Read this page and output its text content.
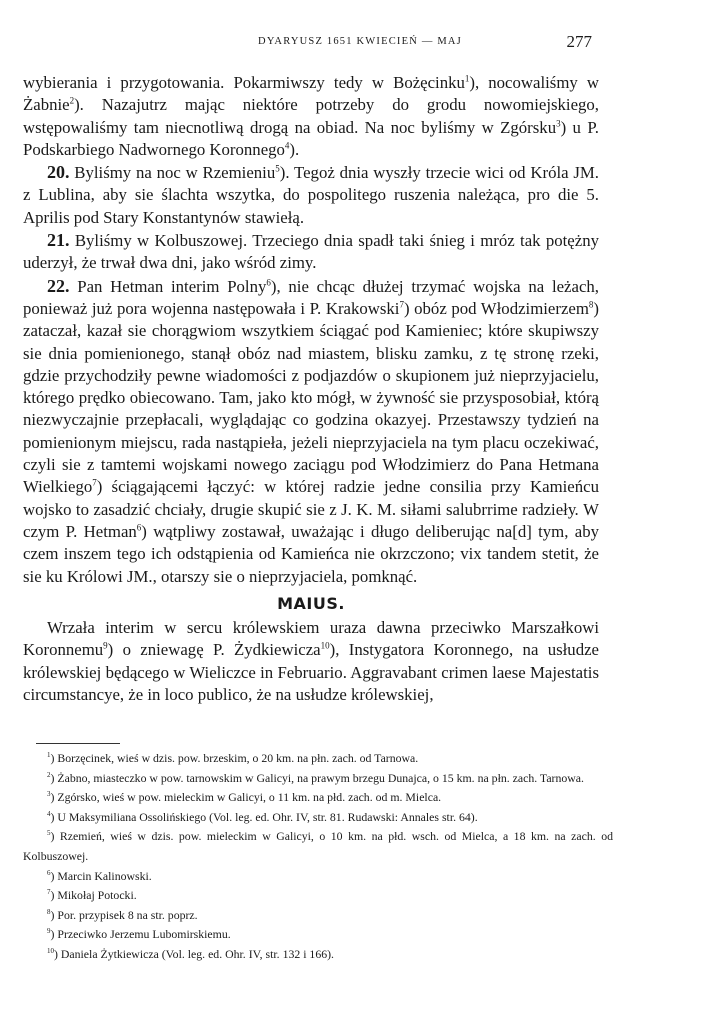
DYARYUSZ 1651 KWIECIEŃ — MAJ	277

wybierania i przygotowania. Pokarmiwszy tedy w Bożęcinku$^1$), nocowaliśmy w Żabnie$^2$). Nazajutrz mając niektóre potrzeby do grodu nowomiejskiego, wstępowaliśmy tam niecnotliwą drogą na obiad. Na noc byliśmy w Zgórsku$^3$) u P. Podskarbiego Nadwornego Koronnego$^4$).

20. Byliśmy na noc w Rzemieniu$^5$). Tegoż dnia wyszły trzecie wici od Króla JM. z Lublina, aby sie ślachta wszytka, do pospolitego ruszenia należąca, pro die 5. Aprilis pod Stary Konstantynów stawiełą.

21. Byliśmy w Kolbuszowej. Trzeciego dnia spadł taki śnieg i mróz tak potężny uderzył, że trwał dwa dni, jako wśród zimy.

22. Pan Hetman interim Polny$^6$), nie chcąc dłużej trzymać wojska na leżach, ponieważ już pora wojenna następowała i P. Krakowski$^7$) obóz pod Włodzimierzem$^8$) zataczał, kazał sie chorągwiom wszytkiem ściągać pod Kamieniec; które skupiwszy sie dnia pomienionego, stanął obóz nad miastem, blisku zamku, z tę stronę rzeki, gdzie przychodziły pewne wiadomości z podjazdów o skupionem już nieprzyjacielu, którego prędko obiecowano. Tam, jako kto mógł, w żywność sie przysposobiał, którą niezwyczajnie przepłacali, wyglądając co godzina okazyej. Przestawszy tydzień na pomienionym miejscu, rada nastąpieła, jeżeli nieprzyjaciela na tym placu oczekiwać, czyli sie z tamtemi wojskami nowego zaciągu pod Włodzimierz do Pana Hetmana Wielkiego$^7$) ściągającemi łączyć: w której radzie jedne consilia przy Kamieńcu wojsko to zasadzić chciały, drugie skupić sie z J. K. M. siłami salubrrime radziełу. W czym P. Hetman$^6$) wątpliwy zostawał, uważając i długo deliberując na[d] tym, aby czem inszem tego ich odstąpienia od Kamieńca nie okrzczono; vix tandem stetit, że sie ku Królowi JM., otarszy sie o nieprzyjaciela, pomknąć.

MAIUS.

Wrzała interim w sercu królewskiem uraza dawna przeciwko Marszałkowi Koronnemu$^9$) o zniewagę P. Żydkiewicza$^{10}$), Instygatora Koronnego, na usłudze królewskiej będącego w Wieliczce in Februario. Aggravabant crimen laese Majestatis circumstancye, że in loco publico, że na usłudze królewskiej,

$^1$) Borzęcinek, wieś w dzis. pow. brzeskim, o 20 km. na płn. zach. od Tarnowa.

$^2$) Żabno, miasteczko w pow. tarnowskim w Galicyi, na prawym brzegu Dunajca, o 15 km. na płn. zach. Tarnowa.

$^3$) Zgórsko, wieś w pow. mieleckim w Galicyi, o 11 km. na płd. zach. od m. Mielca.

$^4$) U Maksymiliana Ossolińskiego (Vol. leg. ed. Ohr. IV, str. 81. Rudawski: Annales str. 64).

$^5$) Rzemień, wieś w dzis. pow. mieleckim w Galicyi, o 10 km. na płd. wsch. od Mielca, a 18 km. na zach. od Kolbuszowej.

$^6$) Marcin Kalinowski.

$^7$) Mikołaj Potocki.

$^8$) Por. przypisek 8 na str. poprz.

$^9$) Przeciwko Jerzemu Lubomirskiemu.

$^{10}$) Daniela Żytkiewicza (Vol. leg. ed. Ohr. IV, str. 132 i 166).
